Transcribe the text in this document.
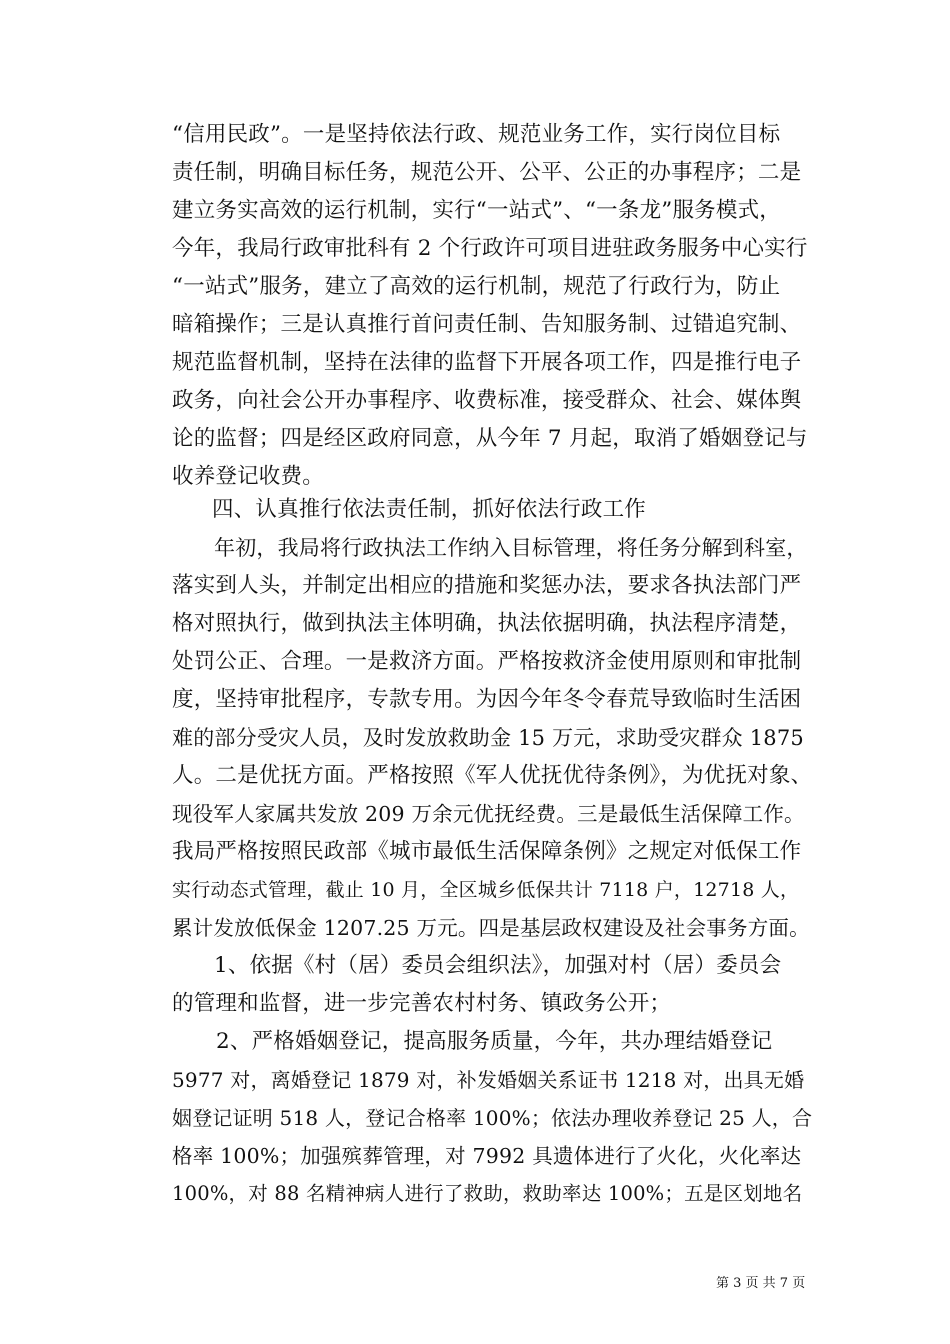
“信用民政”。一是坚持依法行政、规范业务工作，实行岗位目标
责任制，明确目标任务，规范公开、公平、公正的办事程序；二是
建立务实高效的运行机制，实行“一站式”、“一条龙”服务模式，
今年，我局行政审批科有 2 个行政许可项目进驻政务服务中心实行
“一站式”服务，建立了高效的运行机制，规范了行政行为，防止
暗箱操作；三是认真推行首问责任制、告知服务制、过错追究制、
规范监督机制，坚持在法律的监督下开展各项工作，四是推行电子
政务，向社会公开办事程序、收费标准，接受群众、社会、媒体舆
论的监督；四是经区政府同意，从今年 7 月起，取消了婚姻登记与
收养登记收费。
四、认真推行依法责任制，抓好依法行政工作
年初，我局将行政执法工作纳入目标管理，将任务分解到科室，
落实到人头，并制定出相应的措施和奖惩办法，要求各执法部门严
格对照执行，做到执法主体明确，执法依据明确，执法程序清楚，
处罚公正、合理。一是救济方面。严格按救济金使用原则和审批制
度，坚持审批程序，专款专用。为因今年冬令春荒导致临时生活困
难的部分受灾人员，及时发放救助金 15 万元，求助受灾群众 1875
人。二是优抚方面。严格按照《军人优抚优待条例》，为优抚对象、
现役军人家属共发放 209 万余元优抚经费。三是最低生活保障工作。
我局严格按照民政部《城市最低生活保障条例》之规定对低保工作
实行动态式管理，截止 10 月，全区城乡低保共计 7118 户，12718 人，
累计发放低保金 1207.25 万元。四是基层政权建设及社会事务方面。
1、依据《村（居）委员会组织法》，加强对村（居）委员会
的管理和监督，进一步完善农村村务、镇政务公开；
2、严格婚姻登记，提高服务质量，今年，共办理结婚登记
5977 对，离婚登记 1879 对，补发婚姻关系证书 1218 对，出具无婚
姻登记证明 518 人，登记合格率 100%；依法办理收养登记 25 人，合
格率 100%；加强殡葬管理，对 7992 具遗体进行了火化，火化率达
100%，对 88 名精神病人进行了救助，救助率达 100%；五是区划地名
第 3 页 共 7 页
